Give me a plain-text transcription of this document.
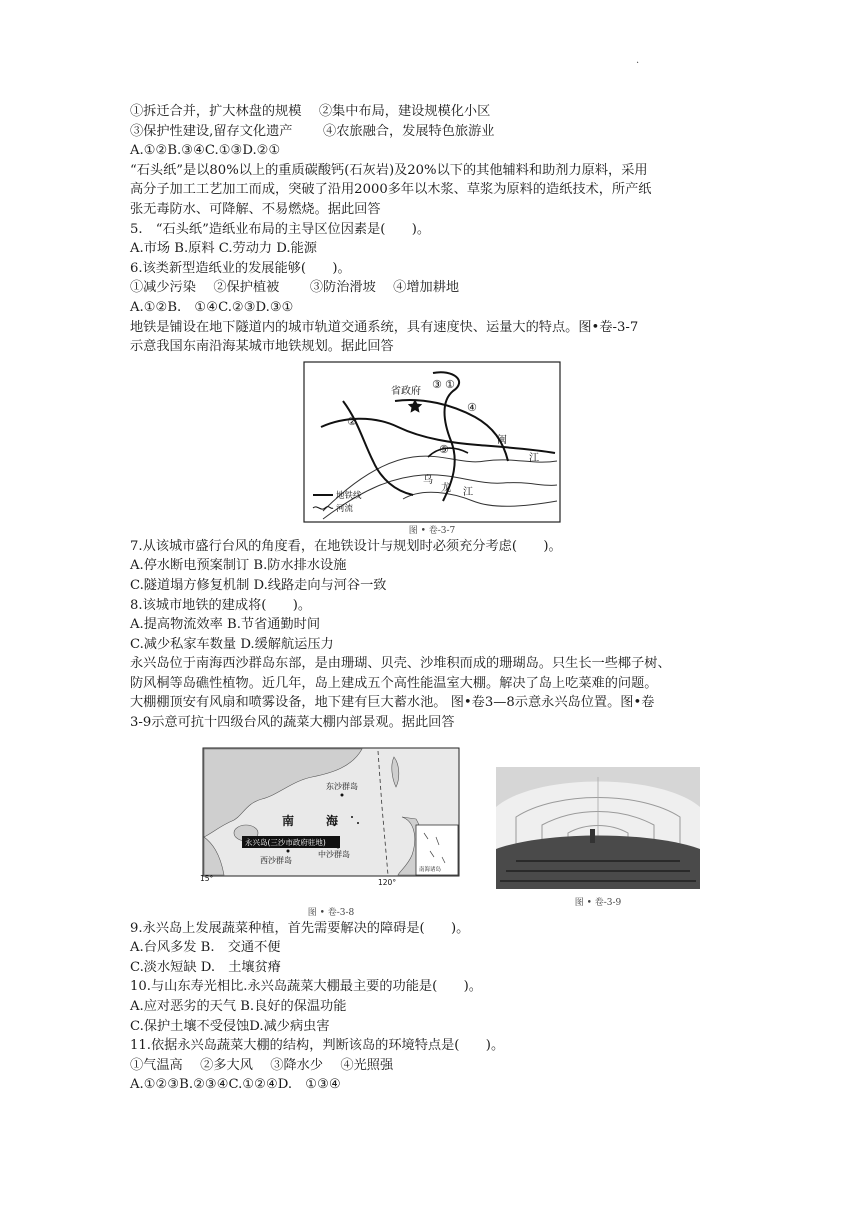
·
①拆迁合并，扩大林盘的规模　 ②集中布局，建设规模化小区
③保护性建设,留存文化遗产　　 ④农旅融合，发展特色旅游业
A.①②B.③④C.①③D.②①
“石头纸”是以80%以上的重质碳酸钙(石灰岩)及20%以下的其他辅料和助剂力原料，采用
高分子加工工艺加工而成，突破了沿用2000多年以木浆、草浆为原料的造纸技术，所产纸
张无毒防水、可降解、不易燃烧。据此回答
5.　“石头纸”造纸业布局的主导区位因素是(　　)。
A.市场 B.原料 C.劳动力 D.能源
6.该类新型造纸业的发展能够(　　)。
①减少污染　 ②保护植被　　 ③防治滑坡　 ④增加耕地
A.①②B.　①④C.②③D.③①
地铁是铺设在地下隧道内的城市轨道交通系统，具有速度快、运量大的特点。图•卷-3-7
示意我国东南沿海某城市地铁规划。据此回答
省政府
③ ①
②
④
⑤
闽
江
乌
龙 江
地铁线
河流
图 • 卷-3-7
7.从该城市盛行台风的角度看，在地铁设计与规划时必须充分考虑(　　)。
A.停水断电预案制订 B.防水排水设施
C.隧道塌方修复机制 D.线路走向与河谷一致
8.该城市地铁的建成将(　　)。
A.提高物流效率 B.节省通勤时间
C.减少私家车数量 D.缓解航运压力
永兴岛位于南海西沙群岛东部，是由珊瑚、贝壳、沙堆积而成的珊瑚岛。只生长一些椰子树、
防风桐等岛礁性植物。近几年，岛上建成五个高性能温室大棚。解决了岛上吃菜难的问题。
大棚棚顶安有风扇和喷雾设备，地下建有巨大蓄水池。 图•卷3—8示意永兴岛位置。图•卷
3-9示意可抗十四级台风的蔬菜大棚内部景观。据此回答
南海诸岛
东沙群岛
南	海
永兴岛(三沙市政府驻地)
中沙群岛
西沙群岛
15°	120°
图 • 卷-3-8
图 • 卷-3-9
9.永兴岛上发展蔬菜种植，首先需要解决的障碍是(　　)。
A.台风多发 B.　交通不便
C.淡水短缺 D.　土壤贫瘠
10.与山东寿光相比.永兴岛蔬菜大棚最主要的功能是(　　)。
A.应对恶劣的天气 B.良好的保温功能
C.保护土壤不受侵蚀D.减少病虫害
11.依据永兴岛蔬菜大棚的结构，判断该岛的环境特点是(　　)。
①气温高　 ②多大风　 ③降水少　 ④光照强
A.①②③B.②③④C.①②④D.　①③④
